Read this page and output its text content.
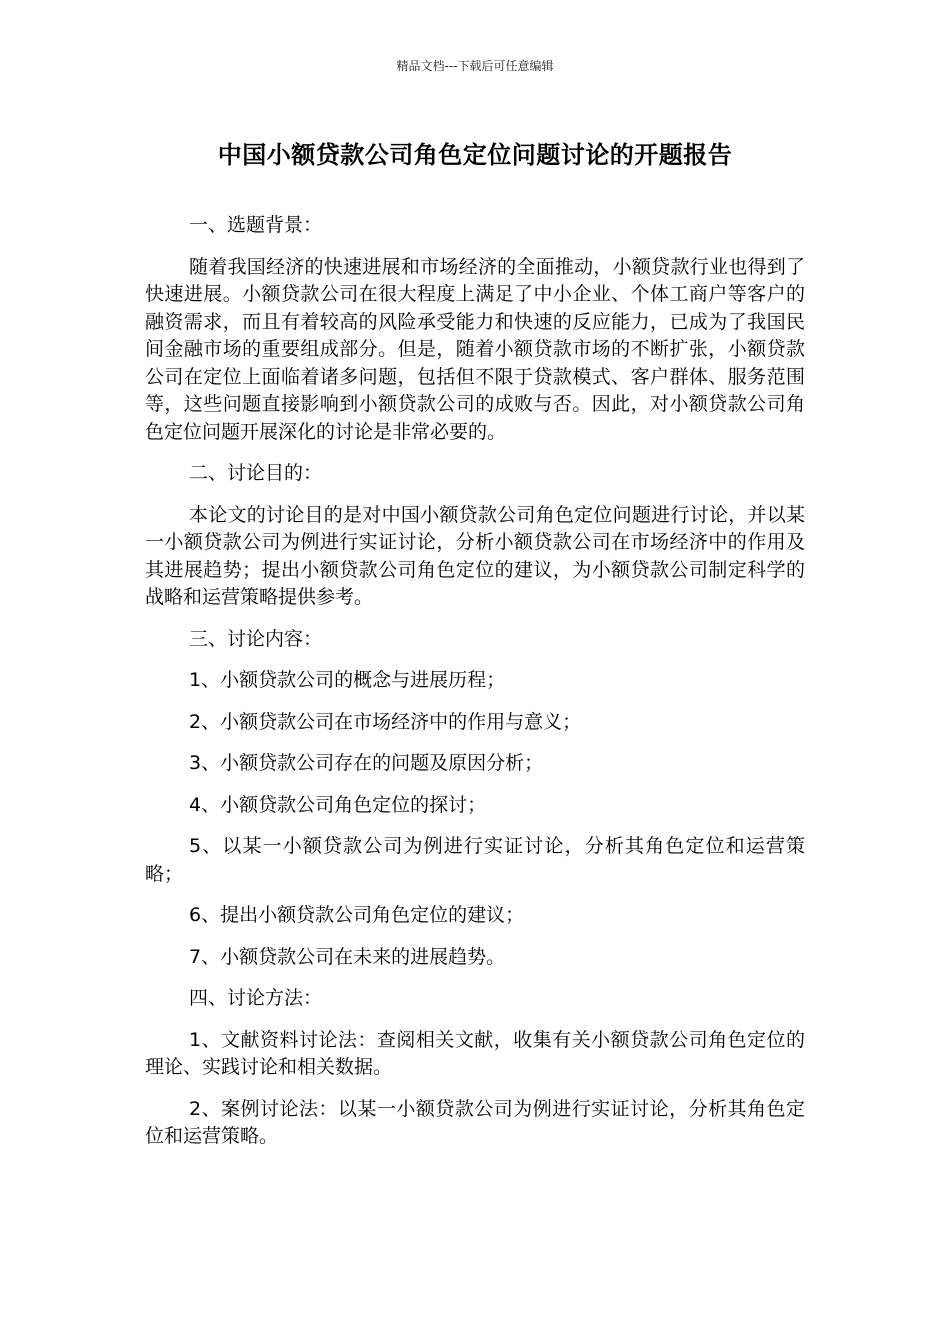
精品文档---下载后可任意编辑
中国小额贷款公司角色定位问题讨论的开题报告

一、选题背景：

随着我国经济的快速进展和市场经济的全面推动，小额贷款行业也得到了快速进展。小额贷款公司在很大程度上满足了中小企业、个体工商户等客户的融资需求，而且有着较高的风险承受能力和快速的反应能力，已成为了我国民间金融市场的重要组成部分。但是，随着小额贷款市场的不断扩张，小额贷款公司在定位上面临着诸多问题，包括但不限于贷款模式、客户群体、服务范围等，这些问题直接影响到小额贷款公司的成败与否。因此，对小额贷款公司角色定位问题开展深化的讨论是非常必要的。

二、讨论目的：

本论文的讨论目的是对中国小额贷款公司角色定位问题进行讨论，并以某一小额贷款公司为例进行实证讨论，分析小额贷款公司在市场经济中的作用及其进展趋势；提出小额贷款公司角色定位的建议，为小额贷款公司制定科学的战略和运营策略提供参考。

三、讨论内容：

1、小额贷款公司的概念与进展历程；

2、小额贷款公司在市场经济中的作用与意义；

3、小额贷款公司存在的问题及原因分析；

4、小额贷款公司角色定位的探讨；

5、以某一小额贷款公司为例进行实证讨论，分析其角色定位和运营策略；

6、提出小额贷款公司角色定位的建议；

7、小额贷款公司在未来的进展趋势。

四、讨论方法：

1、文献资料讨论法：查阅相关文献，收集有关小额贷款公司角色定位的理论、实践讨论和相关数据。

2、案例讨论法：以某一小额贷款公司为例进行实证讨论，分析其角色定位和运营策略。
